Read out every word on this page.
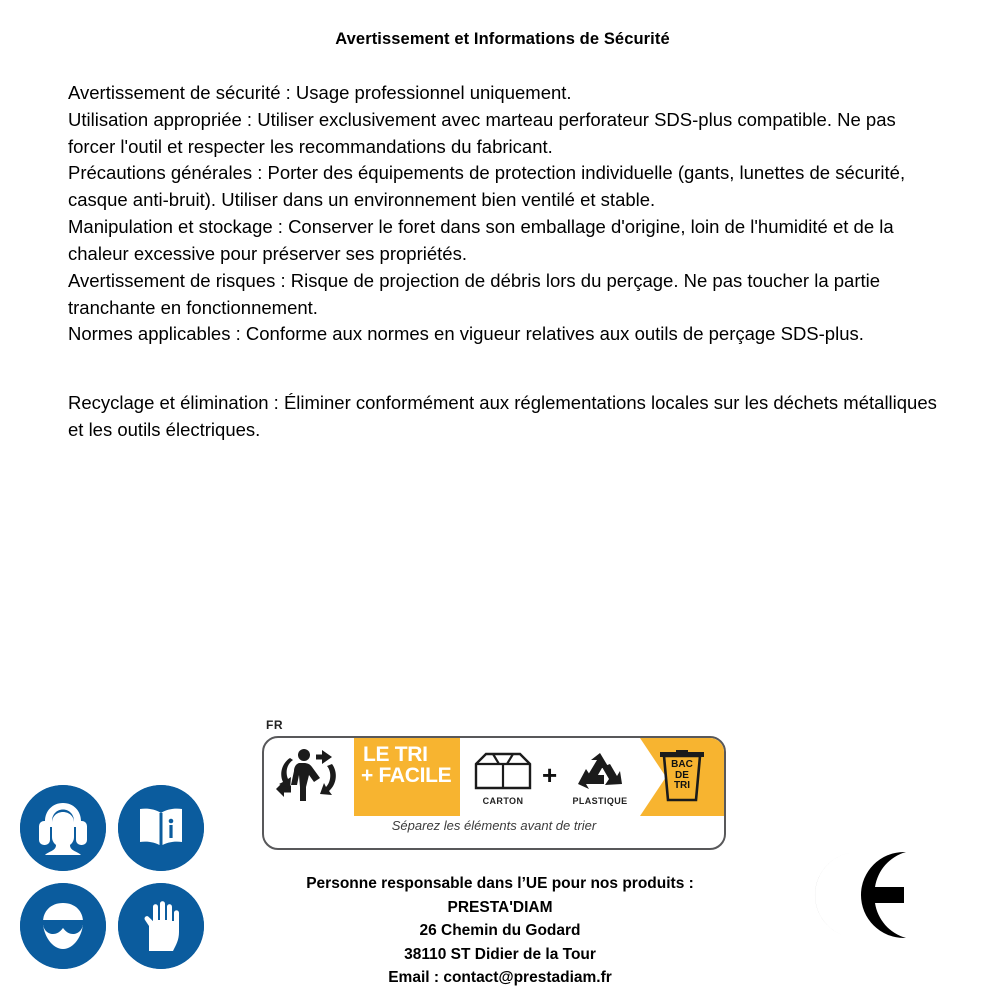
Avertissement et Informations de Sécurité

Avertissement de sécurité : Usage professionnel uniquement.

Utilisation appropriée : Utiliser exclusivement avec marteau perforateur SDS-plus compatible. Ne pas forcer l'outil et respecter les recommandations du fabricant.

Précautions générales : Porter des équipements de protection individuelle (gants, lunettes de sécurité, casque anti-bruit). Utiliser dans un environnement bien ventilé et stable.

Manipulation et stockage : Conserver le foret dans son emballage d'origine, loin de l'humidité et de la chaleur excessive pour préserver ses propriétés.

Avertissement de risques : Risque de projection de débris lors du perçage. Ne pas toucher la partie tranchante en fonctionnement.

Normes applicables : Conforme aux normes en vigueur relatives aux outils de perçage SDS-plus.

Recyclage et élimination : Éliminer conformément aux réglementations locales sur les déchets métalliques et les outils électriques.

FR
LE TRI
+ FACILE
CARTON
+
PLASTIQUE
BAC
DE
TRI
Séparez les éléments avant de trier
Personne responsable dans l’UE pour nos produits :
PRESTA'DIAM
26 Chemin du Godard
38110 ST Didier de la Tour
Email : contact@prestadiam.fr
